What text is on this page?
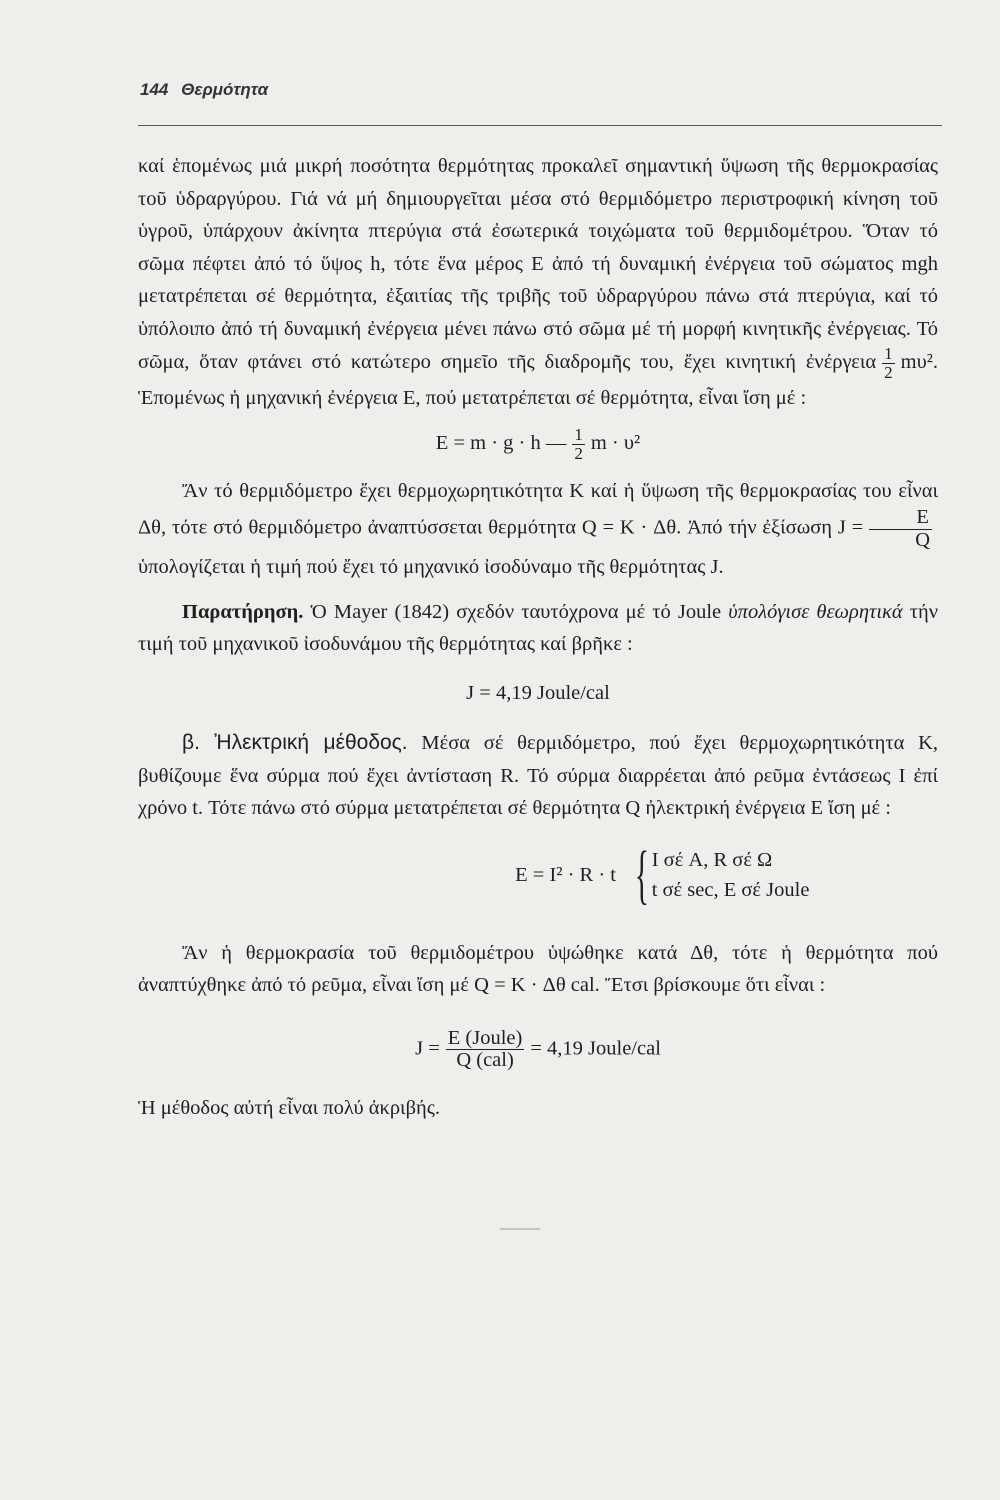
144 Θερμότητα

καί ἑπομένως μιά μικρή ποσότητα θερμότητας προκαλεῖ σημαντική ὕψωση τῆς θερμοκρασίας τοῦ ὑδραργύρου. Γιά νά μή δημιουργεῖται μέσα στό θερμιδόμετρο περιστροφική κίνηση τοῦ ὑγροῦ, ὑπάρχουν ἀκίνητα πτερύγια στά ἐσωτερικά τοιχώματα τοῦ θερμιδομέτρου. Ὅταν τό σῶμα πέφτει ἀπό τό ὕψος h, τότε ἕνα μέρος E ἀπό τή δυναμική ἐνέργεια τοῦ σώματος mgh μετατρέπεται σέ θερμότητα, ἐξαιτίας τῆς τριβῆς τοῦ ὑδραργύρου πάνω στά πτερύγια, καί τό ὑπόλοιπο ἀπό τή δυναμική ἐνέργεια μένει πάνω στό σῶμα μέ τή μορφή κινητικῆς ἐνέργειας. Τό σῶμα, ὅταν φτάνει στό κατώτερο σημεῖο τῆς διαδρομῆς του, ἔχει κινητική ἐνέργεια $\frac{1}{2} m\upsilon^2$. Ἑπομένως ἡ μηχανική ἐνέργεια E, πού μετατρέπεται σέ θερμότητα, εἶναι ἴση μέ :

E = m · g · h — $\frac{1}{2}$ m · υ²

Ἄν τό θερμιδόμετρο ἔχει θερμοχωρητικότητα K καί ἡ ὕψωση τῆς θερμοκρασίας του εἶναι Δθ, τότε στό θερμιδόμετρο ἀναπτύσσεται θερμότητα Q = K · Δθ. Ἀπό τήν ἐξίσωση $J = \frac{E}{Q}$
ὑπολογίζεται ἡ τιμή πού ἔχει τό μηχανικό ἰσοδύναμο τῆς θερμότητας J.

Παρατήρηση. Ὁ Mayer (1842) σχεδόν ταυτόχρονα μέ τό Joule ὑπολόγισε θεωρητικά τήν τιμή τοῦ μηχανικοῦ ἰσοδυνάμου τῆς θερμότητας καί βρῆκε :

J = 4,19 Joule/cal

β. Ἠλεκτρική μέθοδος. Μέσα σέ θερμιδόμετρο, πού ἔχει θερμοχωρητικότητα K, βυθίζουμε ἕνα σύρμα πού ἔχει ἀντίσταση R. Τό σύρμα διαρρέεται ἀπό ρεῦμα ἐντάσεως I ἐπί χρόνο t. Τότε πάνω στό σύρμα μετατρέπεται σέ θερμότητα Q ἠλεκτρική ἐνέργεια E ἴση μέ :

E = I² · R · t { I σέ A, R σέ Ω
t σέ sec, E σέ Joule

Ἄν ἡ θερμοκρασία τοῦ θερμιδομέτρου ὑψώθηκε κατά Δθ, τότε ἡ θερμότητα πού ἀναπτύχθηκε ἀπό τό ρεῦμα, εἶναι ἴση μέ Q = K · Δθ cal. Ἔτσι βρίσκουμε ὅτι εἶναι :

$J = \frac{\text{E (Joule)}}{\text{Q (cal)}} = 4,19$ Joule/cal

Ἡ μέθοδος αὐτή εἶναι πολύ ἀκριβής.
